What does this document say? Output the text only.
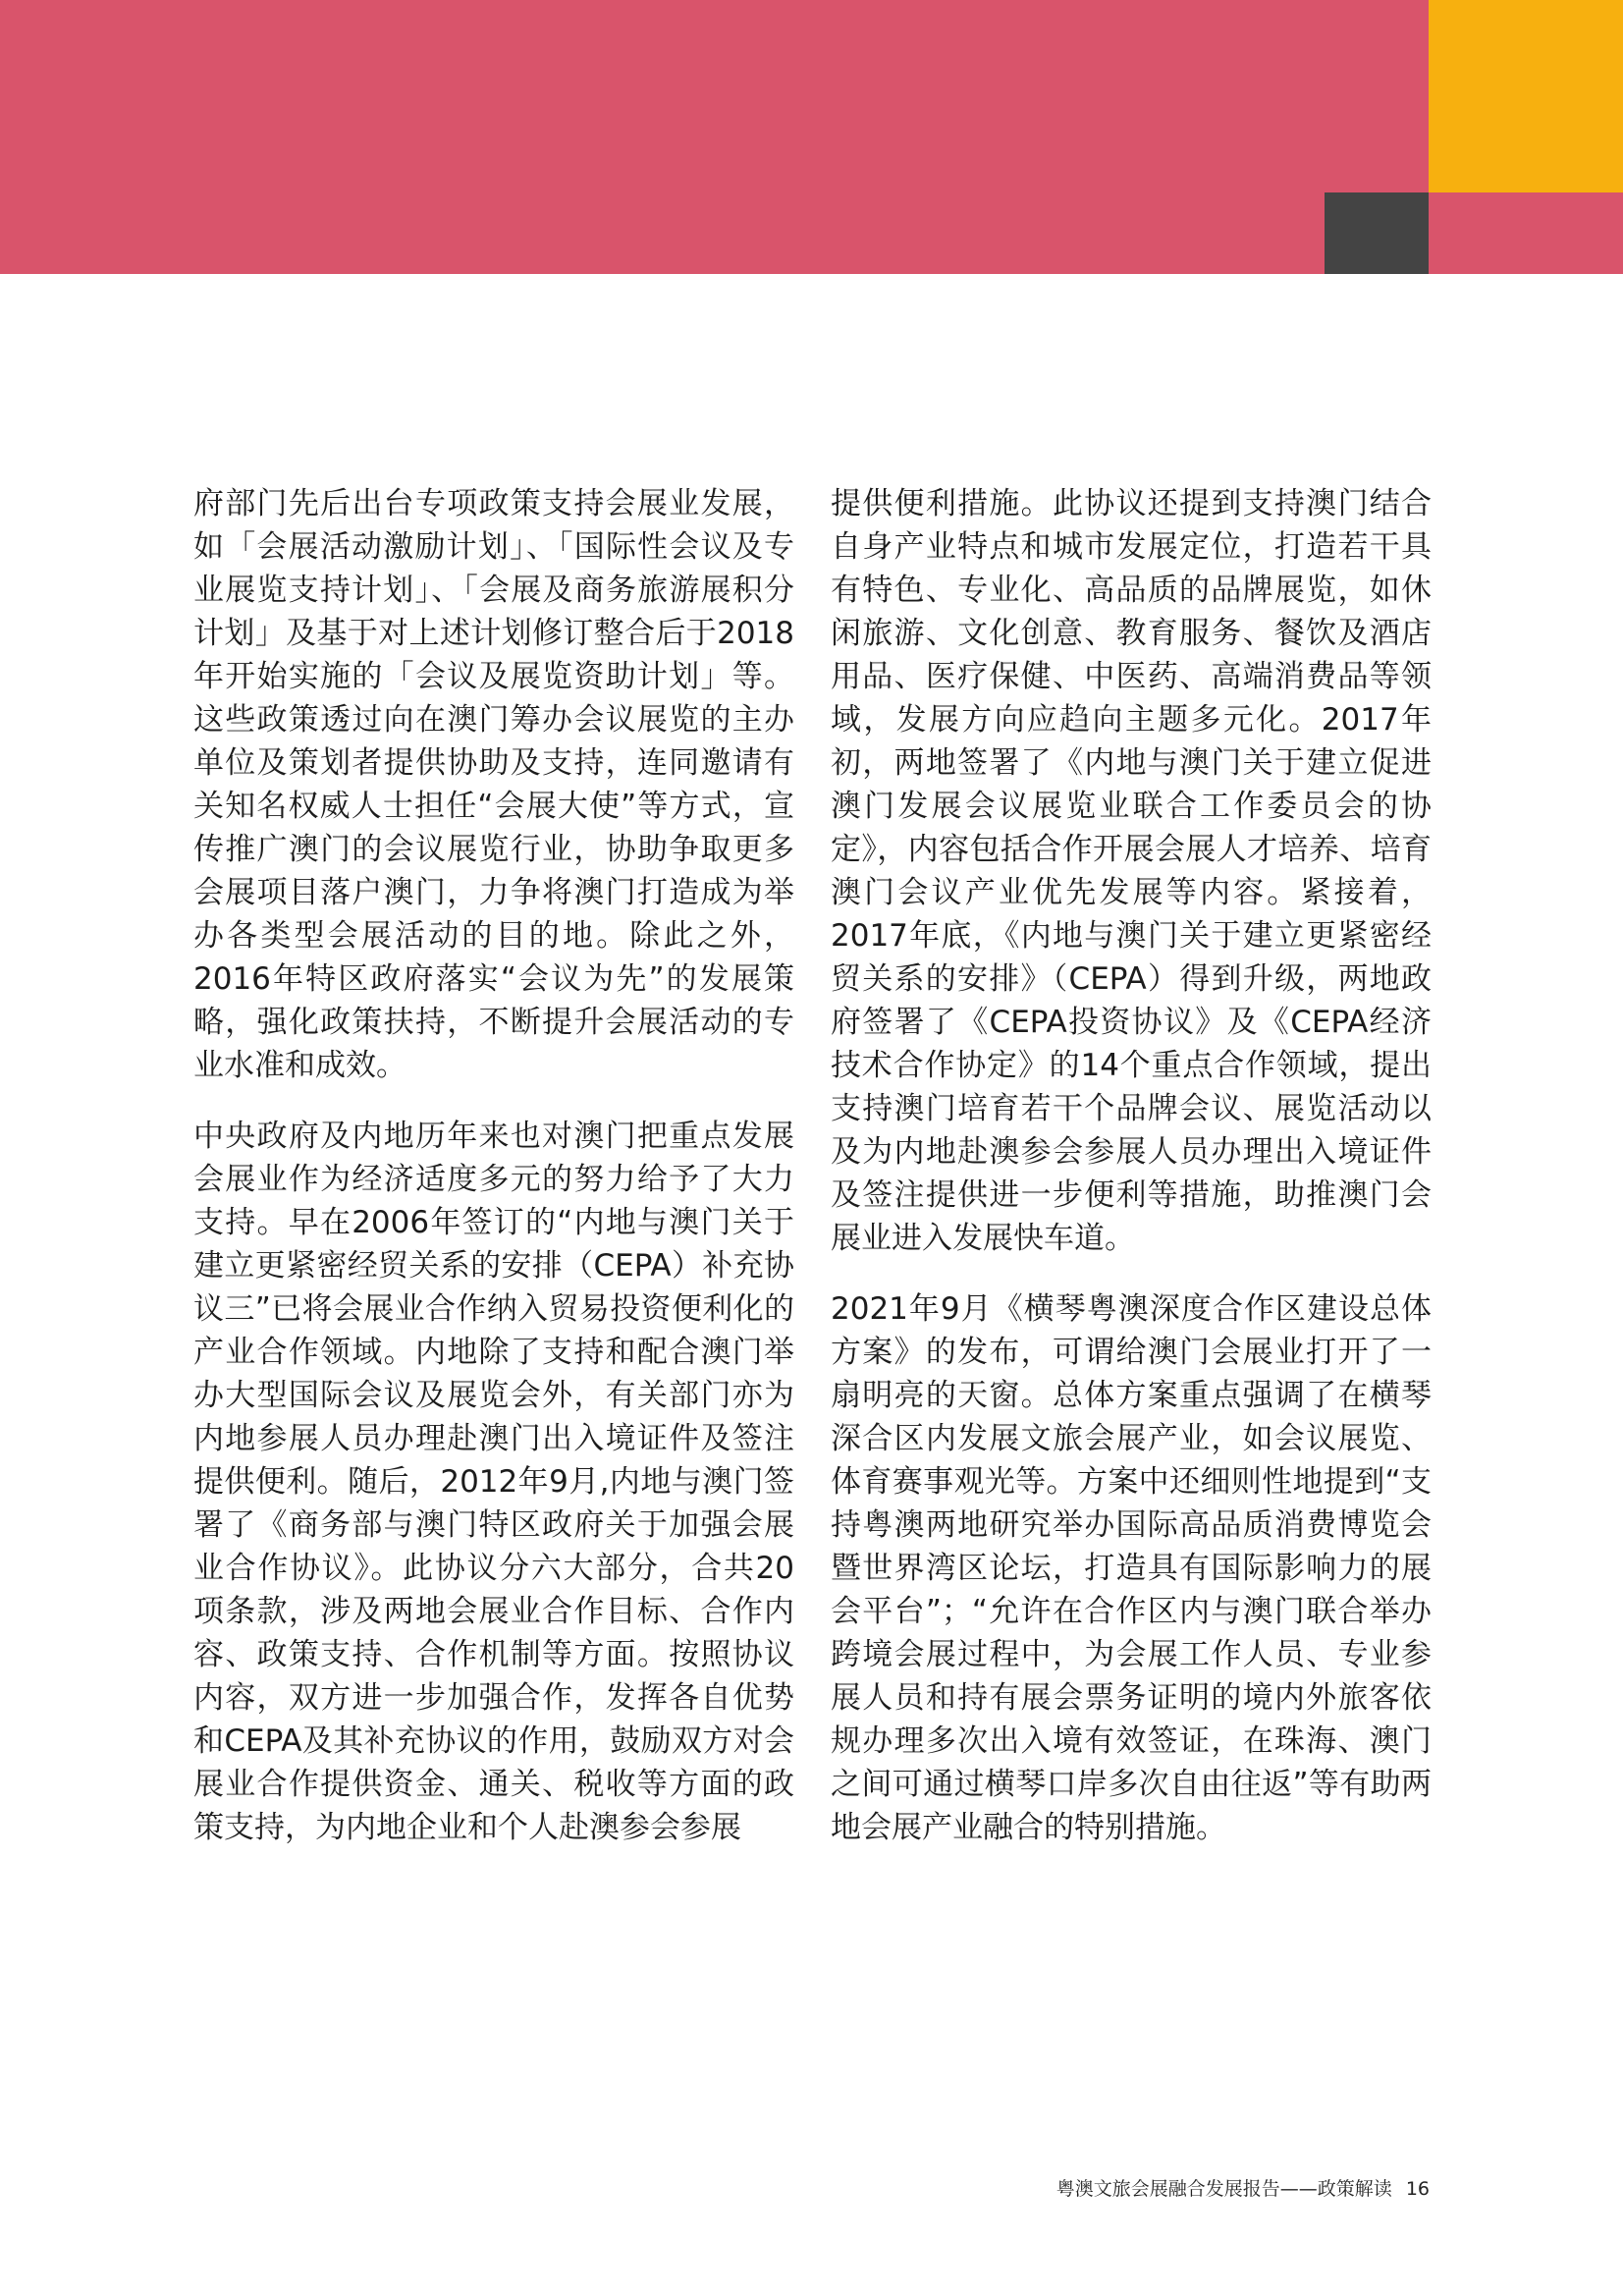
府部门先后出台专项政策支持会展业发展，如「会展活动激励计划」、「国际性会议及专业展览支持计划」、「会展及商务旅游展积分计划」及基于对上述计划修订整合后于2018年开始实施的「会议及展览资助计划」等。这些政策透过向在澳门筹办会议展览的主办单位及策划者提供协助及支持，连同邀请有关知名权威人士担任“会展大使”等方式，宣传推广澳门的会议展览行业，协助争取更多会展项目落户澳门，力争将澳门打造成为举办各类型会展活动的目的地。除此之外，2016年特区政府落实“会议为先”的发展策略，强化政策扶持，不断提升会展活动的专业水准和成效。

中央政府及内地历年来也对澳门把重点发展会展业作为经济适度多元的努力给予了大力支持。早在2006年签订的“内地与澳门关于建立更紧密经贸关系的安排（CEPA）补充协议三”已将会展业合作纳入贸易投资便利化的产业合作领域。内地除了支持和配合澳门举办大型国际会议及展览会外，有关部门亦为内地参展人员办理赴澳门出入境证件及签注提供便利。随后，2012年9月,内地与澳门签署了《商务部与澳门特区政府关于加强会展业合作协议》。此协议分六大部分，合共20项条款，涉及两地会展业合作目标、合作内容、政策支持、合作机制等方面。按照协议内容，双方进一步加强合作，发挥各自优势和CEPA及其补充协议的作用，鼓励双方对会展业合作提供资金、通关、税收等方面的政策支持，为内地企业和个人赴澳参会参展

提供便利措施。此协议还提到支持澳门结合自身产业特点和城市发展定位，打造若干具有特色、专业化、高品质的品牌展览，如休闲旅游、文化创意、教育服务、餐饮及酒店用品、医疗保健、中医药、高端消费品等领域，发展方向应趋向主题多元化。2017年初，两地签署了《内地与澳门关于建立促进澳门发展会议展览业联合工作委员会的协定》，内容包括合作开展会展人才培养、培育澳门会议产业优先发展等内容。紧接着，2017年底，《内地与澳门关于建立更紧密经贸关系的安排》（CEPA）得到升级，两地政府签署了《CEPA投资协议》及《CEPA经济技术合作协定》的14个重点合作领域，提出支持澳门培育若干个品牌会议、展览活动以及为内地赴澳参会参展人员办理出入境证件及签注提供进一步便利等措施，助推澳门会展业进入发展快车道。

2021年9月《横琴粤澳深度合作区建设总体方案》的发布，可谓给澳门会展业打开了一扇明亮的天窗。总体方案重点强调了在横琴深合区内发展文旅会展产业，如会议展览、体育赛事观光等。方案中还细则性地提到“支持粤澳两地研究举办国际高品质消费博览会暨世界湾区论坛，打造具有国际影响力的展会平台”；“允许在合作区内与澳门联合举办跨境会展过程中，为会展工作人员、专业参展人员和持有展会票务证明的境内外旅客依规办理多次出入境有效签证，在珠海、澳门之间可通过横琴口岸多次自由往返”等有助两地会展产业融合的特别措施。

粤澳文旅会展融合发展报告——政策解读 16
